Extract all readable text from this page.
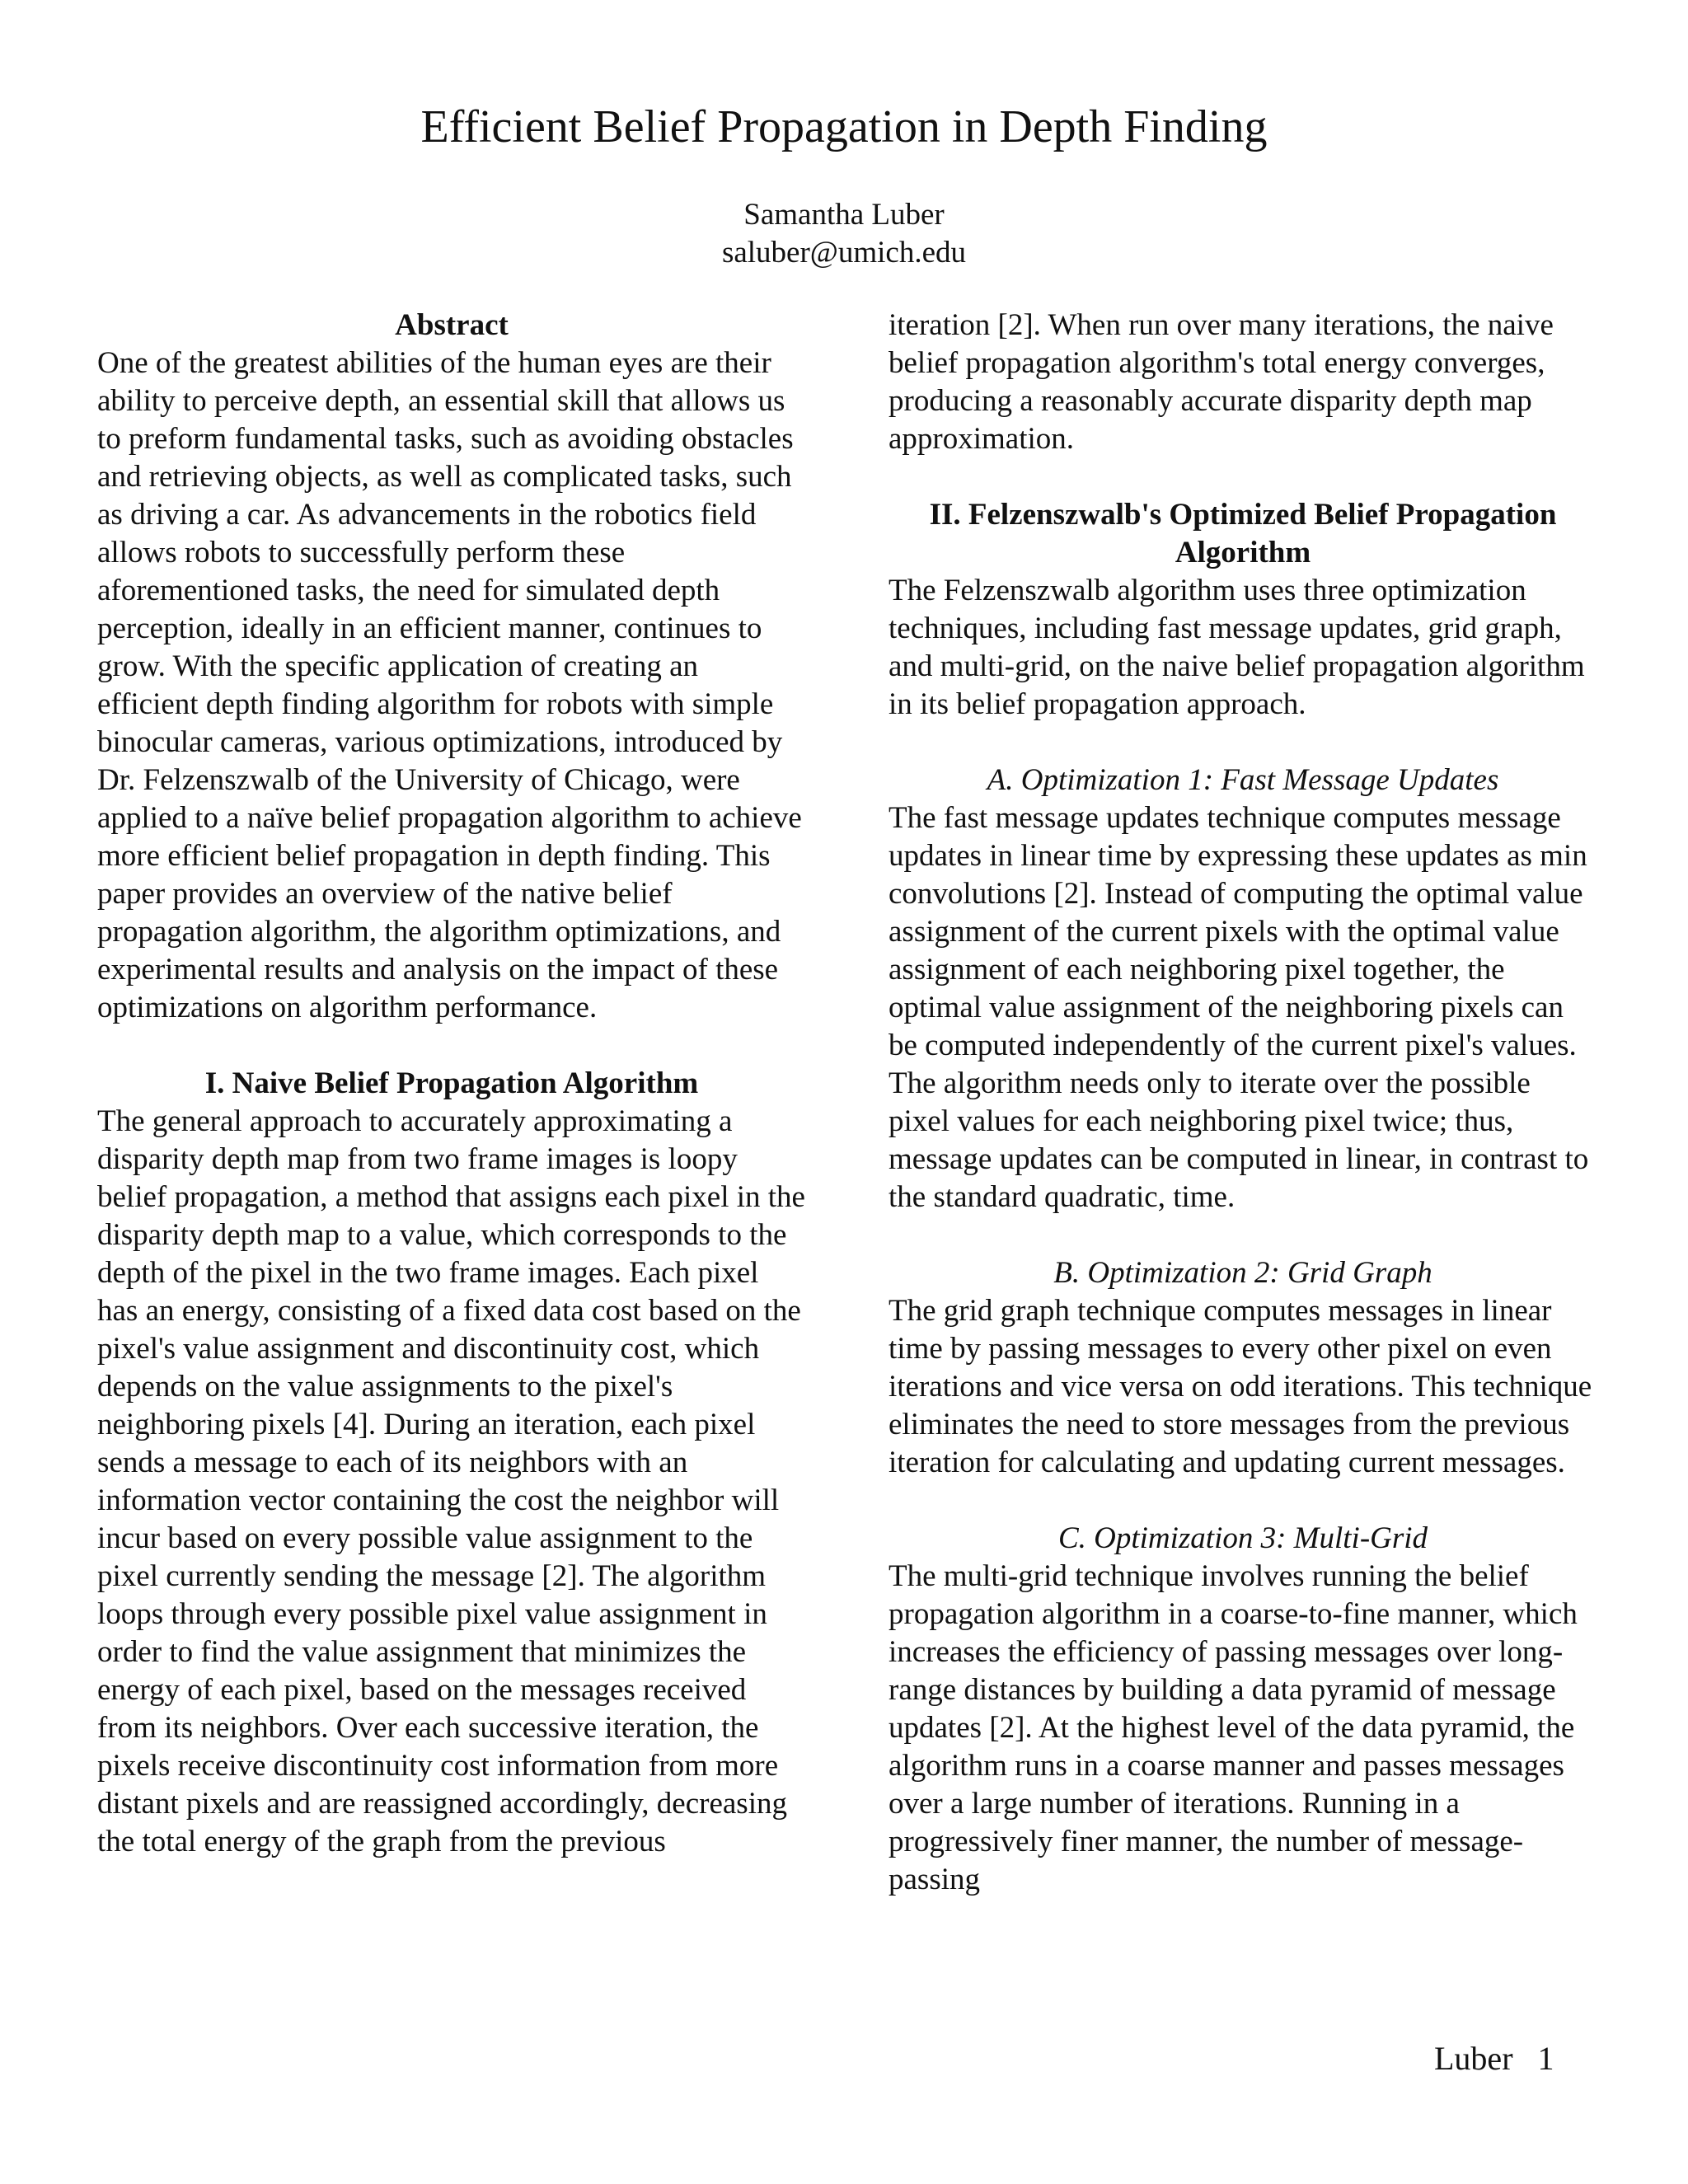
Efficient Belief Propagation in Depth Finding
Samantha Luber
saluber@umich.edu
Abstract

One of the greatest abilities of the human eyes are their ability to perceive depth, an essential skill that allows us to preform fundamental tasks, such as avoiding obstacles and retrieving objects, as well as complicated tasks, such as driving a car. As advancements in the robotics field allows robots to successfully perform these aforementioned tasks, the need for simulated depth perception, ideally in an efficient manner, continues to grow. With the specific application of creating an efficient depth finding algorithm for robots with simple binocular cameras, various optimizations, introduced by Dr. Felzenszwalb of the University of Chicago, were applied to a naïve belief propagation algorithm to achieve more efficient belief propagation in depth finding. This paper provides an overview of the native belief propagation algorithm, the algorithm optimizations, and experimental results and analysis on the impact of these optimizations on algorithm performance.

I. Naive Belief Propagation Algorithm

The general approach to accurately approximating a disparity depth map from two frame images is loopy belief propagation, a method that assigns each pixel in the disparity depth map to a value, which corresponds to the depth of the pixel in the two frame images. Each pixel has an energy, consisting of a fixed data cost based on the pixel's value assignment and discontinuity cost, which depends on the value assignments to the pixel's neighboring pixels [4]. During an iteration, each pixel sends a message to each of its neighbors with an information vector containing the cost the neighbor will incur based on every possible value assignment to the pixel currently sending the message [2]. The algorithm loops through every possible pixel value assignment in order to find the value assignment that minimizes the energy of each pixel, based on the messages received from its neighbors. Over each successive iteration, the pixels receive discontinuity cost information from more distant pixels and are reassigned accordingly, decreasing the total energy of the graph from the previous

iteration [2]. When run over many iterations, the naive belief propagation algorithm's total energy converges, producing a reasonably accurate disparity depth map approximation.

II. Felzenszwalb's Optimized Belief Propagation Algorithm

The Felzenszwalb algorithm uses three optimization techniques, including fast message updates, grid graph, and multi-grid, on the naive belief propagation algorithm in its belief propagation approach.

A. Optimization 1: Fast Message Updates

The fast message updates technique computes message updates in linear time by expressing these updates as min convolutions [2]. Instead of computing the optimal value assignment of the current pixels with the optimal value assignment of each neighboring pixel together, the optimal value assignment of the neighboring pixels can be computed independently of the current pixel's values. The algorithm needs only to iterate over the possible pixel values for each neighboring pixel twice; thus, message updates can be computed in linear, in contrast to the standard quadratic, time.

B. Optimization 2: Grid Graph

The grid graph technique computes messages in linear time by passing messages to every other pixel on even iterations and vice versa on odd iterations. This technique eliminates the need to store messages from the previous iteration for calculating and updating current messages.

C. Optimization 3: Multi-Grid

The multi-grid technique involves running the belief propagation algorithm in a coarse-to-fine manner, which increases the efficiency of passing messages over long-range distances by building a data pyramid of message updates [2]. At the highest level of the data pyramid, the algorithm runs in a coarse manner and passes messages over a large number of iterations. Running in a progressively finer manner, the number of message-passing

Luber 1
